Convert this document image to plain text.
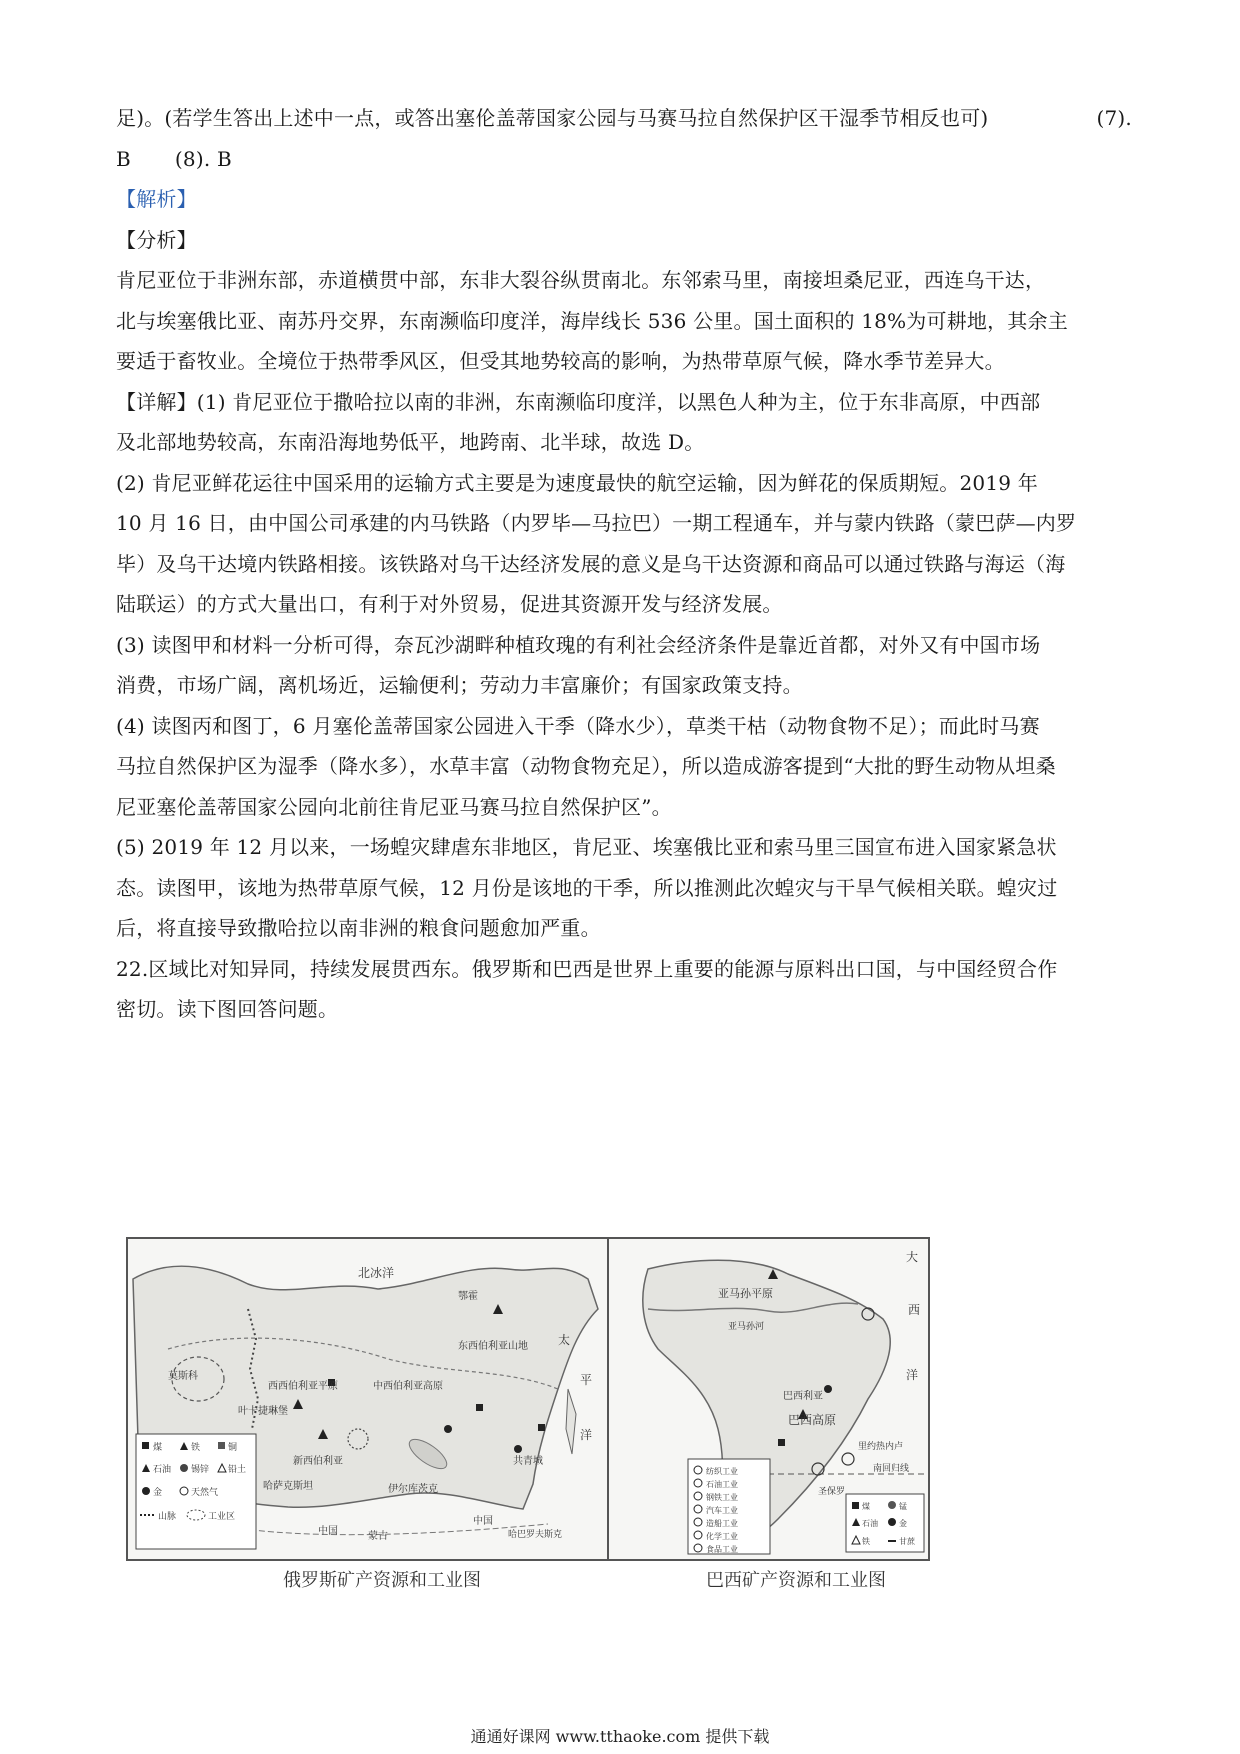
足)。(若学生答出上述中一点，或答出塞伦盖蒂国家公园与马赛马拉自然保护区干湿季节相反也可)	(7).
B (8). B
【解析】
【分析】
肯尼亚位于非洲东部，赤道横贯中部，东非大裂谷纵贯南北。东邻索马里，南接坦桑尼亚，西连乌干达，
北与埃塞俄比亚、南苏丹交界，东南濒临印度洋，海岸线长 536 公里。国土面积的 18%为可耕地，其余主
要适于畜牧业。全境位于热带季风区，但受其地势较高的影响，为热带草原气候，降水季节差异大。
【详解】(1) 肯尼亚位于撒哈拉以南的非洲，东南濒临印度洋，以黑色人种为主，位于东非高原，中西部
及北部地势较高，东南沿海地势低平，地跨南、北半球，故选 D。
(2) 肯尼亚鲜花运往中国采用的运输方式主要是为速度最快的航空运输，因为鲜花的保质期短。2019 年
10 月 16 日，由中国公司承建的内马铁路（内罗毕—马拉巴）一期工程通车，并与蒙内铁路（蒙巴萨—内罗
毕）及乌干达境内铁路相接。该铁路对乌干达经济发展的意义是乌干达资源和商品可以通过铁路与海运（海
陆联运）的方式大量出口，有利于对外贸易，促进其资源开发与经济发展。
(3) 读图甲和材料一分析可得，奈瓦沙湖畔种植玫瑰的有利社会经济条件是靠近首都，对外又有中国市场
消费，市场广阔，离机场近，运输便利；劳动力丰富廉价；有国家政策支持。
(4) 读图丙和图丁，6 月塞伦盖蒂国家公园进入干季（降水少），草类干枯（动物食物不足）；而此时马赛
马拉自然保护区为湿季（降水多），水草丰富（动物食物充足），所以造成游客提到“大批的野生动物从坦桑
尼亚塞伦盖蒂国家公园向北前往肯尼亚马赛马拉自然保护区”。
(5) 2019 年 12 月以来，一场蝗灾肆虐东非地区，肯尼亚、埃塞俄比亚和索马里三国宣布进入国家紧急状
态。读图甲，该地为热带草原气候，12 月份是该地的干季，所以推测此次蝗灾与干旱气候相关联。蝗灾过
后，将直接导致撒哈拉以南非洲的粮食问题愈加严重。
22.区域比对知异同，持续发展贯西东。俄罗斯和巴西是世界上重要的能源与原料出口国，与中国经贸合作
密切。读下图回答问题。
北冰洋
莫斯科
叶卡捷琳堡
西西伯利亚平原	中西伯利亚高原
东西伯利亚山地
新西伯利亚
哈萨克斯坦	伊尔库茨克
蒙古
中国
中国
共青城
哈巴罗夫斯克
太
平
洋
鄂霍
煤	铁	铜
石油 锡锌 铅土
金	天然气
山脉	工业区
亚马孙平原
亚马孙河
巴西利亚
巴西高原
圣保罗
里约热内卢
南回归线
大
西
洋
纺织工业
石油工业
钢铁工业
汽车工业
造船工业
化学工业
食品工业
煤	锰
石油	金
铁	甘蔗
俄罗斯矿产资源和工业图	巴西矿产资源和工业图
通通好课网 www.tthaoke.com 提供下载
